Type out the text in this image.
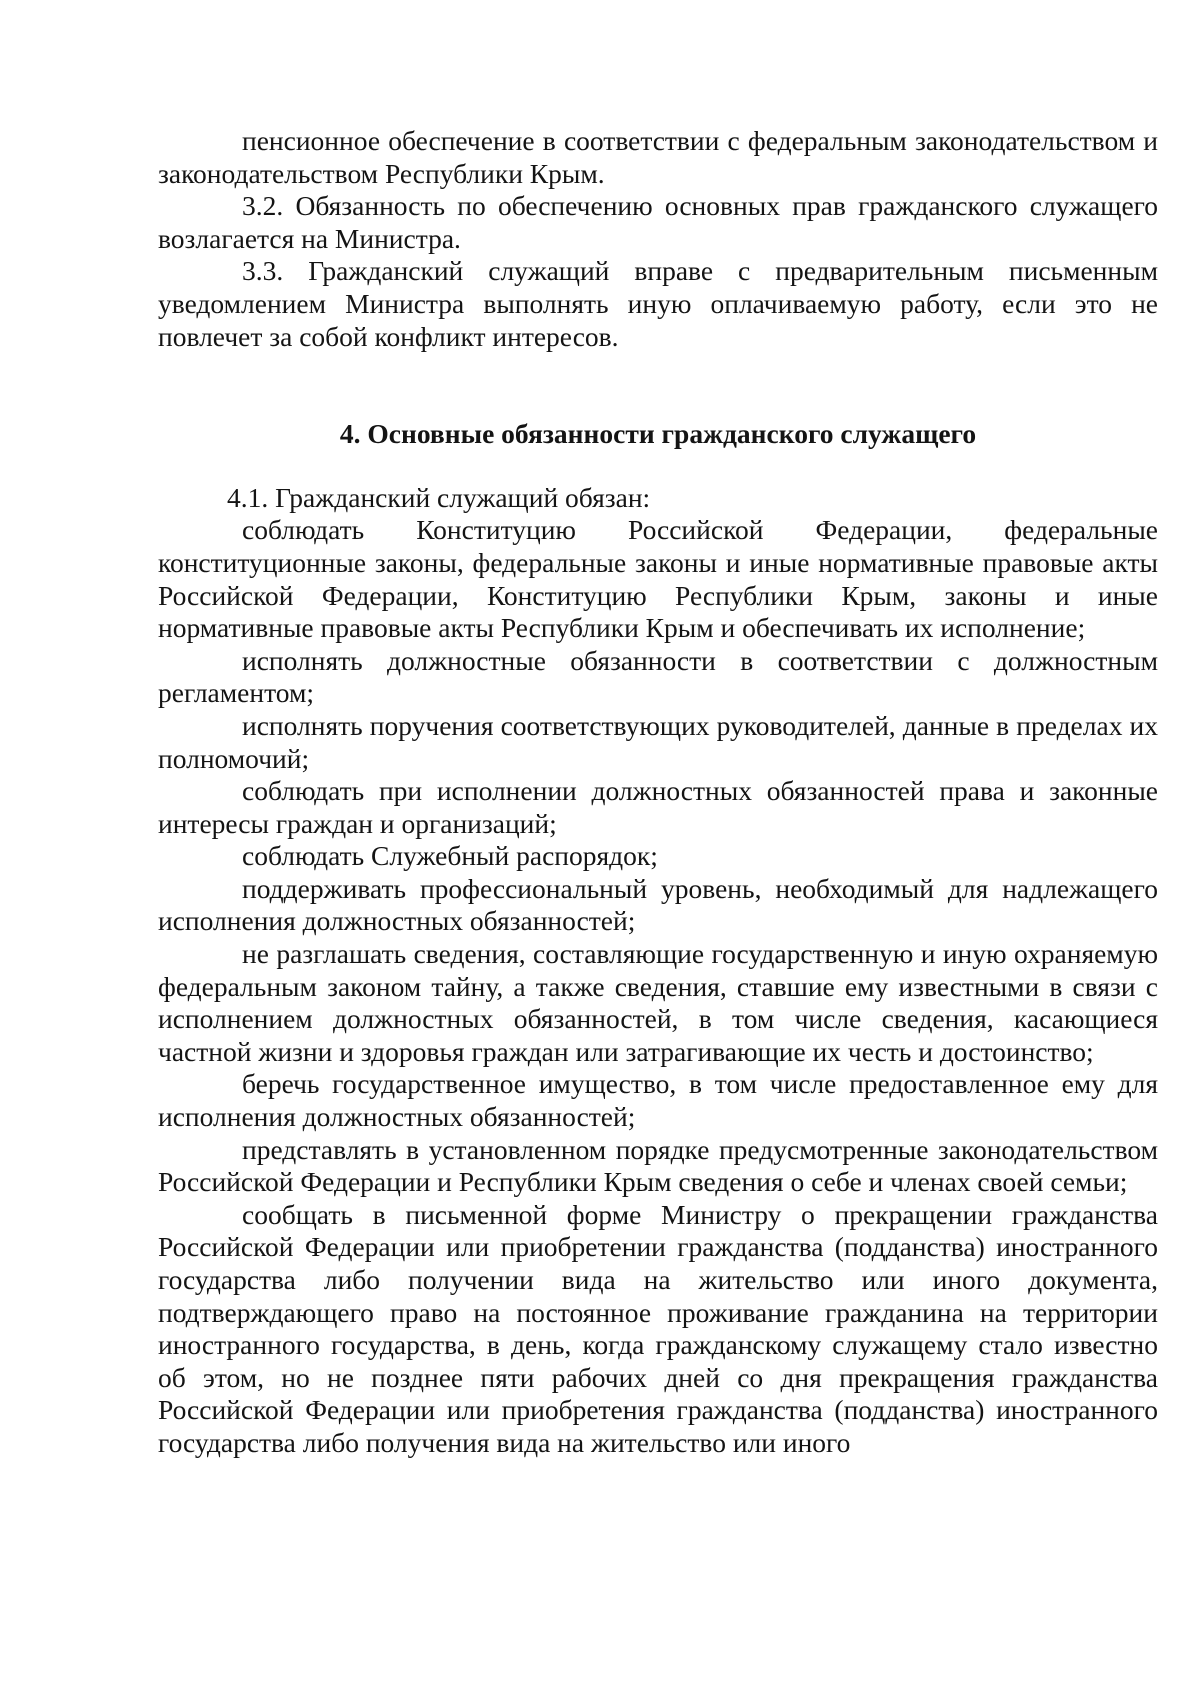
пенсионное обеспечение в соответствии с федеральным законодательством и законодательством Республики Крым.

3.2. Обязанность по обеспечению основных прав гражданского служащего возлагается на Министра.

3.3. Гражданский служащий вправе с предварительным письменным уведомлением Министра выполнять иную оплачиваемую работу, если это не повлечет за собой конфликт интересов.

4. Основные обязанности гражданского служащего

4.1. Гражданский служащий обязан:

соблюдать Конституцию Российской Федерации, федеральные конституционные законы, федеральные законы и иные нормативные правовые акты Российской Федерации, Конституцию Республики Крым, законы и иные нормативные правовые акты Республики Крым и обеспечивать их исполнение;

исполнять должностные обязанности в соответствии с должностным регламентом;

исполнять поручения соответствующих руководителей, данные в пределах их полномочий;

соблюдать при исполнении должностных обязанностей права и законные интересы граждан и организаций;

соблюдать Служебный распорядок;

поддерживать профессиональный уровень, необходимый для надлежащего исполнения должностных обязанностей;

не разглашать сведения, составляющие государственную и иную охраняемую федеральным законом тайну, а также сведения, ставшие ему известными в связи с исполнением должностных обязанностей, в том числе сведения, касающиеся частной жизни и здоровья граждан или затрагивающие их честь и достоинство;

беречь государственное имущество, в том числе предоставленное ему для исполнения должностных обязанностей;

представлять в установленном порядке предусмотренные законодательством Российской Федерации и Республики Крым сведения о себе и членах своей семьи;

сообщать в письменной форме Министру о прекращении гражданства Российской Федерации или приобретении гражданства (подданства) иностранного государства либо получении вида на жительство или иного документа, подтверждающего право на постоянное проживание гражданина на территории иностранного государства, в день, когда гражданскому служащему стало известно об этом, но не позднее пяти рабочих дней со дня прекращения гражданства Российской Федерации или приобретения гражданства (подданства) иностранного государства либо получения вида на жительство или иного
